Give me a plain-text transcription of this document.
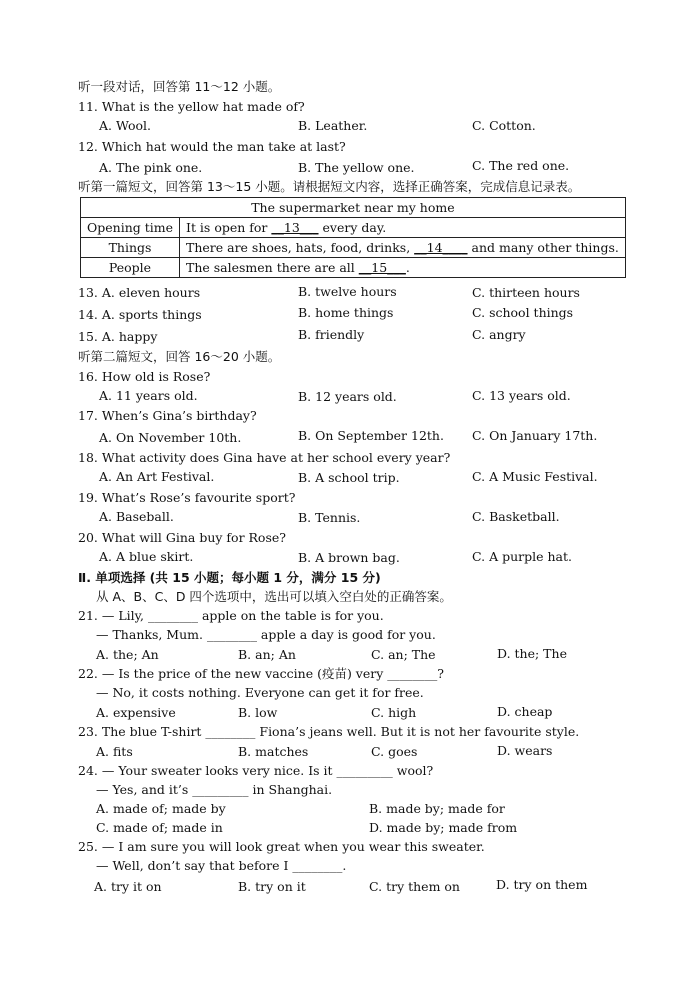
听一段对话，回答第 11～12 小题。
11. What is the yellow hat made of?
A. Wool.	B. Leather.	C. Cotton.
12. Which hat would the man take at last?
A. The pink one.	B. The yellow one.	C. The red one.
听第一篇短文，回答第 13～15 小题。请根据短文内容，选择正确答案，完成信息记录表。
The supermarket near my home	
Opening time	It is open for __13___ every day.
Things	There are shoes, hats, food, drinks, __14____ and many other things.
People	The salesmen there are all __15___.
13. A. eleven hours	B. twelve hours	C. thirteen hours
14. A. sports things	B. home things	C. school things
15. A. happy	B. friendly	C. angry
听第二篇短文，回答 16～20 小题。
16. How old is Rose?
A. 11 years old.	B. 12 years old.	C. 13 years old.
17. When’s Gina’s birthday?
A. On November 10th.	B. On September 12th. C. On January 17th.
18. What activity does Gina have at her school every year?
A. An Art Festival.	B. A school trip.	C. A Music Festival.
19. What’s Rose’s favourite sport?
A. Baseball.	B. Tennis.	C. Basketball.
20. What will Gina buy for Rose?
A. A blue skirt.	B. A brown bag.	C. A purple hat.
Ⅱ. 单项选择 (共 15 小题；每小题 1 分，满分 15 分)
从 A、B、C、D 四个选项中，选出可以填入空白处的正确答案。
21. — Lily, ________ apple on the table is for you.
— Thanks, Mum. ________ apple a day is good for you.
A. the; An	B. an; An	C. an; The	D. the; The
22. — Is the price of the new vaccine (疫苗) very ________?
— No, it costs nothing. Everyone can get it for free.
A. expensive	B. low	C. high	D. cheap
23. The blue T-shirt ________ Fiona’s jeans well. But it is not her favourite style.
A. fits	B. matches	C. goes	D. wears
24. — Your sweater looks very nice. Is it _________ wool?
— Yes, and it’s _________ in Shanghai.
A. made of; made by	B. made by; made for
C. made of; made in	D. made by; made from
25. — I am sure you will look great when you wear this sweater.
— Well, don’t say that before I ________.
A. try it on	B. try on it	C. try them on	D. try on them
